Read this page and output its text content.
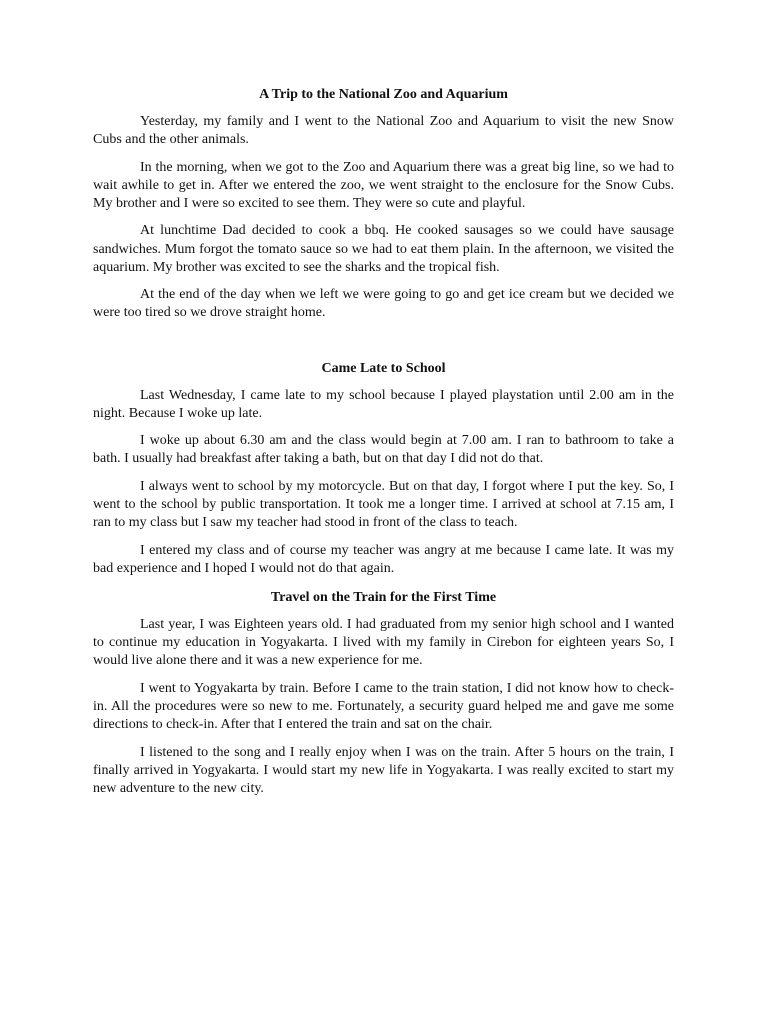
A Trip to the National Zoo and Aquarium

Yesterday, my family and I went to the National Zoo and Aquarium to visit the new Snow Cubs and the other animals.

In the morning, when we got to the Zoo and Aquarium there was a great big line, so we had to wait awhile to get in. After we entered the zoo, we went straight to the enclosure for the Snow Cubs. My brother and I were so excited to see them. They were so cute and playful.

At lunchtime Dad decided to cook a bbq. He cooked sausages so we could have sausage sandwiches. Mum forgot the tomato sauce so we had to eat them plain. In the afternoon, we visited the aquarium. My brother was excited to see the sharks and the tropical fish.

At the end of the day when we left we were going to go and get ice cream but we decided we were too tired so we drove straight home.

Came Late to School

Last Wednesday, I came late to my school because I played playstation until 2.00 am in the night. Because I woke up late.

I woke up about 6.30 am and the class would begin at 7.00 am. I ran to bathroom to take a bath. I usually had breakfast after taking a bath, but on that day I did not do that.

I always went to school by my motorcycle. But on that day, I forgot where I put the key. So, I went to the school by public transportation. It took me a longer time. I arrived at school at 7.15 am, I ran to my class but I saw my teacher had stood in front of the class to teach.

I entered my class and of course my teacher was angry at me because I came late. It was my bad experience and I hoped I would not do that again.

Travel on the Train for the First Time

Last year, I was Eighteen years old. I had graduated from my senior high school and I wanted to continue my education in Yogyakarta. I lived with my family in Cirebon for eighteen years So, I would live alone there and it was a new experience for me.

I went to Yogyakarta by train. Before I came to the train station, I did not know how to check-in. All the procedures were so new to me. Fortunately, a security guard helped me and gave me some directions to check-in. After that I entered the train and sat on the chair.

I listened to the song and I really enjoy when I was on the train. After 5 hours on the train, I finally arrived in Yogyakarta. I would start my new life in Yogyakarta. I was really excited to start my new adventure to the new city.
